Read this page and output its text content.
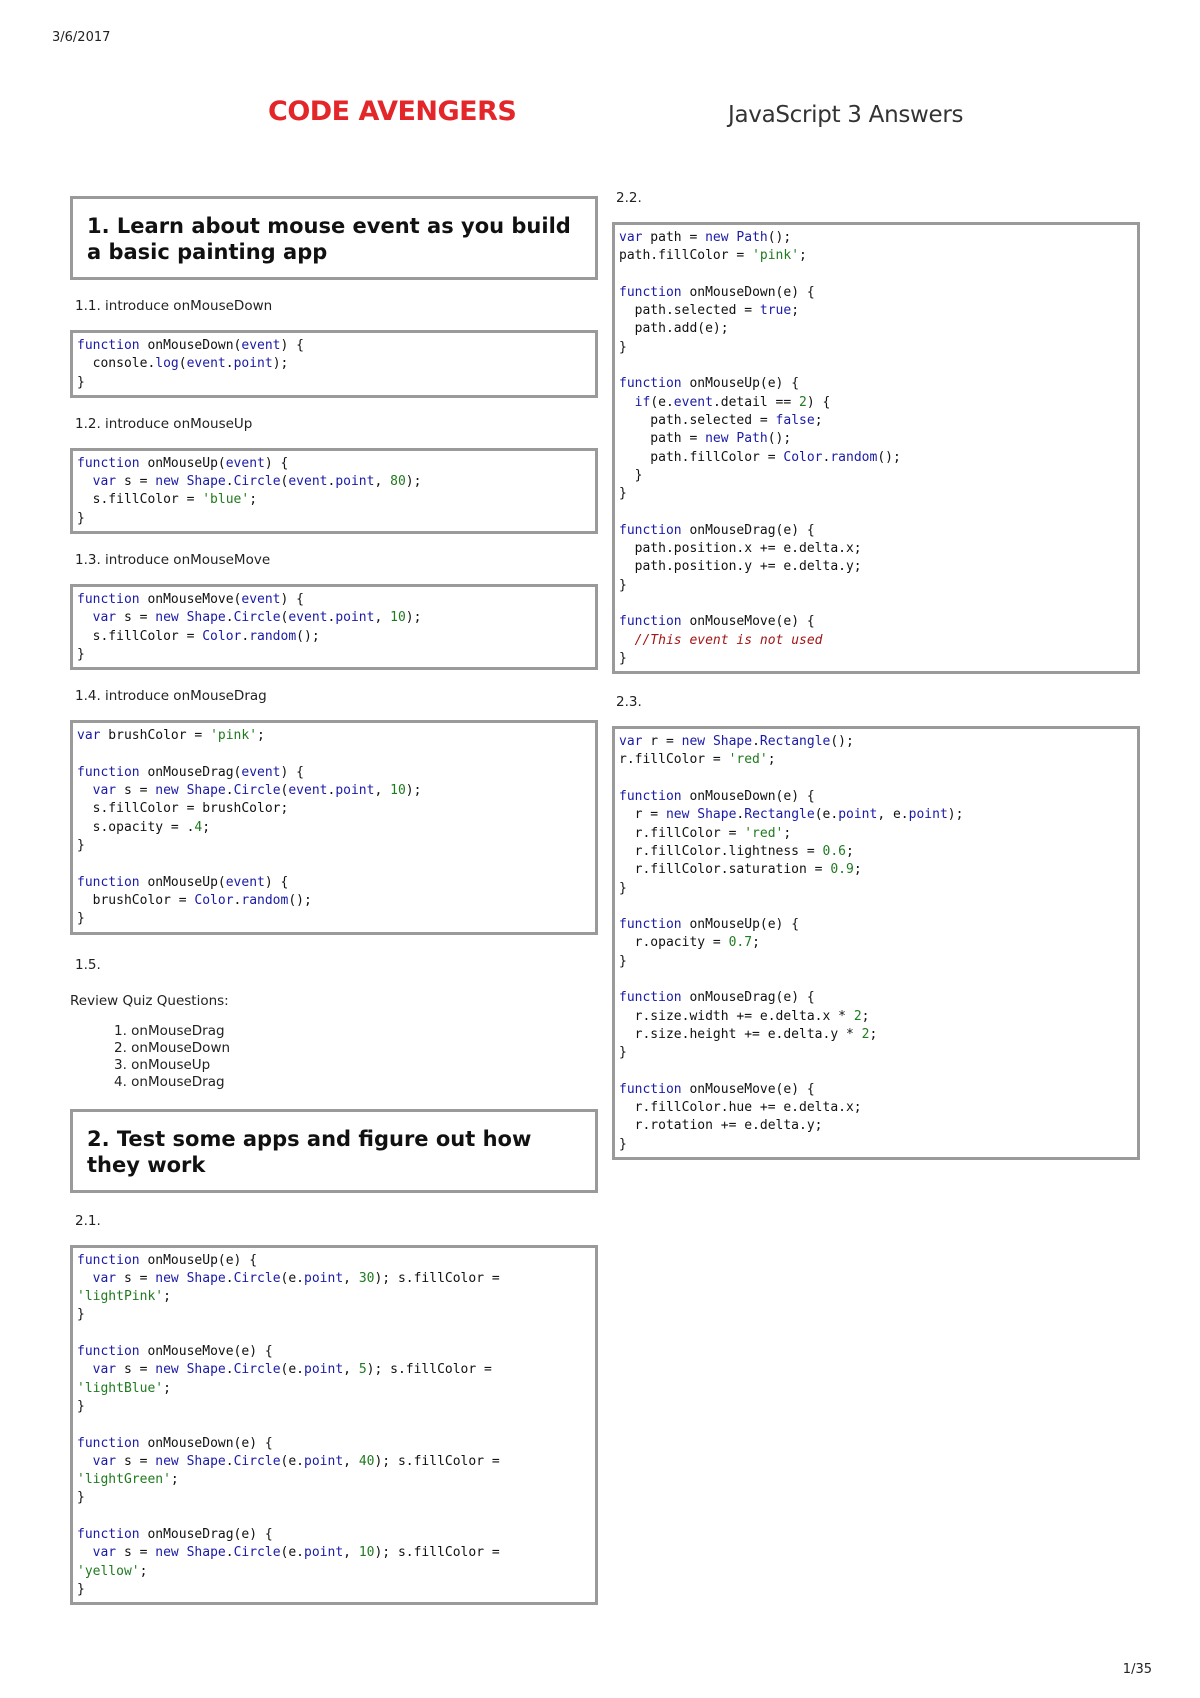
3/6/2017
CODE AVENGERS	JavaScript 3 Answers
1. Learn about mouse event as you build a basic painting app
1.1. introduce onMouseDown
function onMouseDown(event) {
console.log(event.point);
}
1.2. introduce onMouseUp
function onMouseUp(event) {
var s = new Shape.Circle(event.point, 80);
s.fillColor = 'blue';
}
1.3. introduce onMouseMove
function onMouseMove(event) {
var s = new Shape.Circle(event.point, 10);
s.fillColor = Color.random();
}
1.4. introduce onMouseDrag
var brushColor = 'pink';
function onMouseDrag(event) {
var s = new Shape.Circle(event.point, 10);
s.fillColor = brushColor;
s.opacity = .4;
}
function onMouseUp(event) {
brushColor = Color.random();
}
1.5.
Review Quiz Questions:
1. onMouseDrag
2. onMouseDown
3. onMouseUp
4. onMouseDrag
2. Test some apps and figure out how they work
2.1.
function onMouseUp(e) {
var s = new Shape.Circle(e.point, 30); s.fillColor =
'lightPink';
}
function onMouseMove(e) {
var s = new Shape.Circle(e.point, 5); s.fillColor =
'lightBlue';
}
function onMouseDown(e) {
var s = new Shape.Circle(e.point, 40); s.fillColor =
'lightGreen';
}
function onMouseDrag(e) {
var s = new Shape.Circle(e.point, 10); s.fillColor =
'yellow';
}
2.2.
var path = new Path();
path.fillColor = 'pink';
function onMouseDown(e) {
path.selected = true;
path.add(e);
}
function onMouseUp(e) {
if(e.event.detail == 2) {
path.selected = false;
path = new Path();
path.fillColor = Color.random();
}
}
function onMouseDrag(e) {
path.position.x += e.delta.x;
path.position.y += e.delta.y;
}
function onMouseMove(e) {
//This event is not used
}
2.3.
var r = new Shape.Rectangle();
r.fillColor = 'red';
function onMouseDown(e) {
r = new Shape.Rectangle(e.point, e.point);
r.fillColor = 'red';
r.fillColor.lightness = 0.6;
r.fillColor.saturation = 0.9;
}
function onMouseUp(e) {
r.opacity = 0.7;
}
function onMouseDrag(e) {
r.size.width += e.delta.x * 2;
r.size.height += e.delta.y * 2;
}
function onMouseMove(e) {
r.fillColor.hue += e.delta.x;
r.rotation += e.delta.y;
}
1/35
